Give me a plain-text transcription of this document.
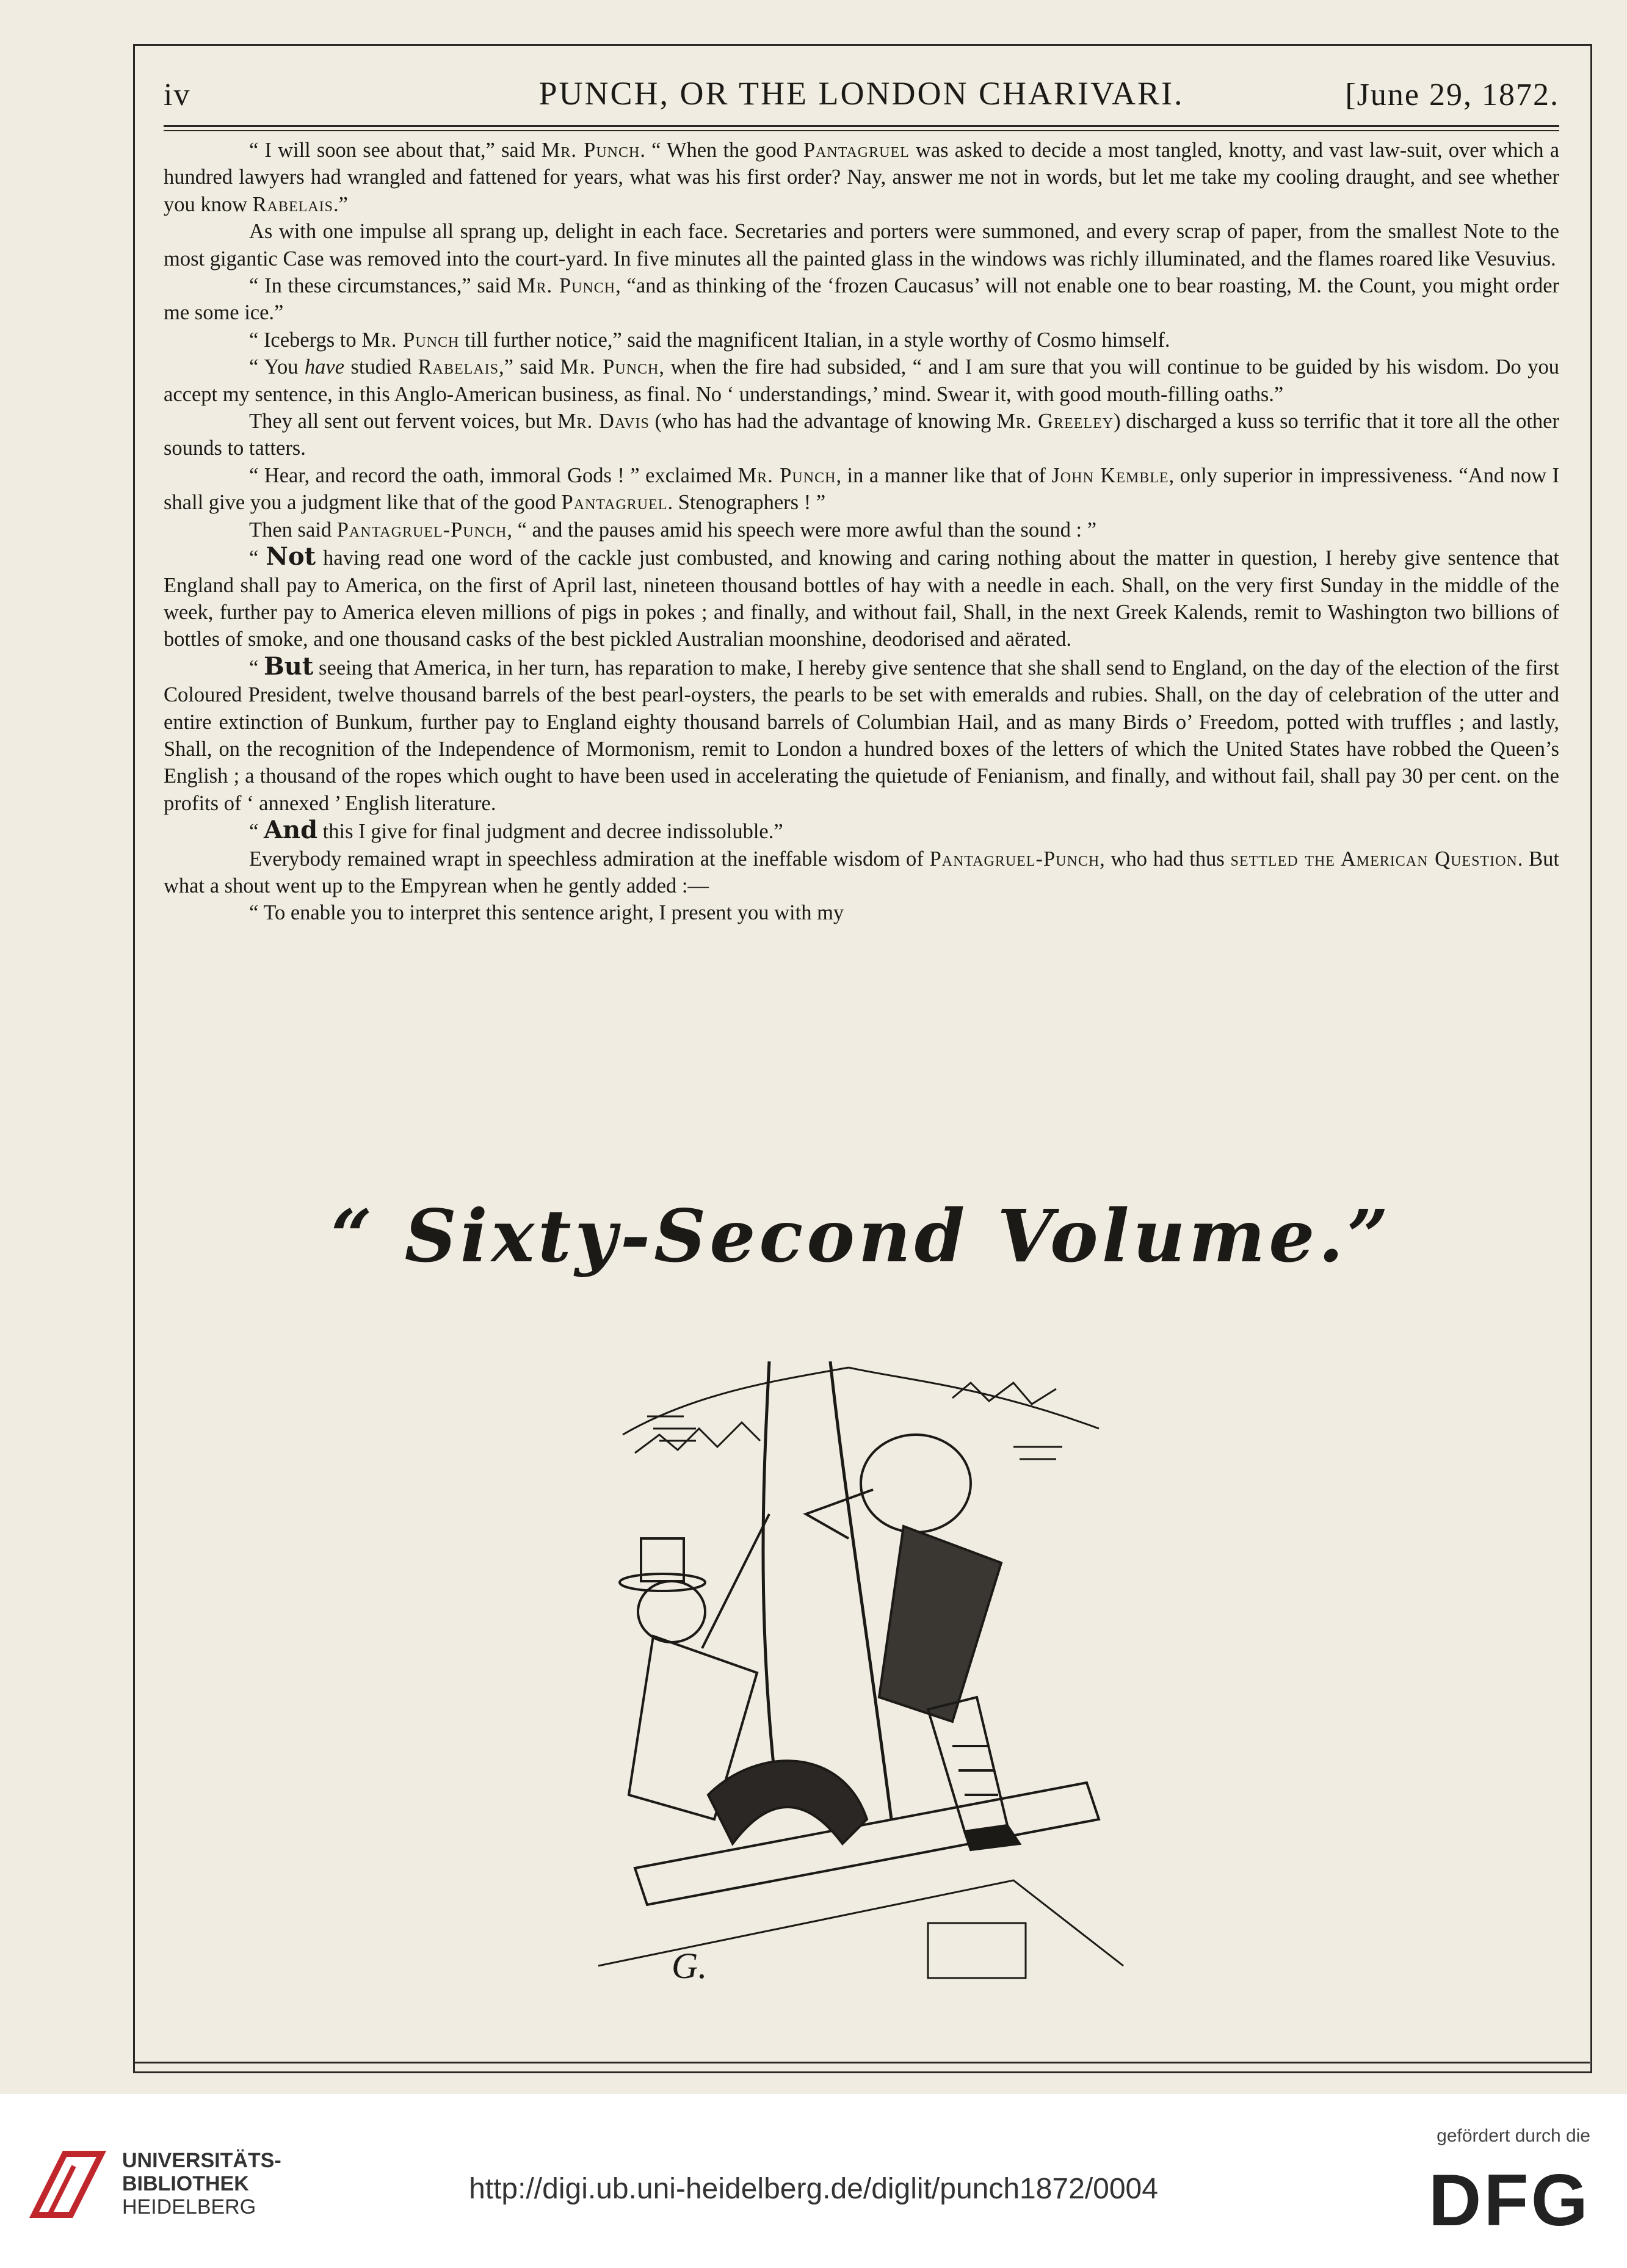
iv	PUNCH, OR THE LONDON CHARIVARI.	[June 29, 1872.

“ I will soon see about that,” said Mr. Punch. “ When the good Pantagruel was asked to decide a most tangled, knotty, and vast law-suit, over which a hundred lawyers had wrangled and fattened for years, what was his first order? Nay, answer me not in words, but let me take my cooling draught, and see whether you know Rabelais.”

As with one impulse all sprang up, delight in each face. Secretaries and porters were summoned, and every scrap of paper, from the smallest Note to the most gigantic Case was removed into the court-yard. In five minutes all the painted glass in the windows was richly illuminated, and the flames roared like Vesuvius.

“ In these circumstances,” said Mr. Punch, “and as thinking of the ‘frozen Caucasus’ will not enable one to bear roasting, M. the Count, you might order me some ice.”

“ Icebergs to Mr. Punch till further notice,” said the magnificent Italian, in a style worthy of Cosmo himself.

“ You have studied Rabelais,” said Mr. Punch, when the fire had subsided, “ and I am sure that you will continue to be guided by his wisdom. Do you accept my sentence, in this Anglo-American business, as final. No ‘ understandings,’ mind. Swear it, with good mouth-filling oaths.”

They all sent out fervent voices, but Mr. Davis (who has had the advantage of knowing Mr. Greeley) discharged a kuss so terrific that it tore all the other sounds to tatters.

“ Hear, and record the oath, immoral Gods ! ” exclaimed Mr. Punch, in a manner like that of John Kemble, only superior in impressiveness. “And now I shall give you a judgment like that of the good Pantagruel. Stenographers ! ”

Then said Pantagruel-Punch, “ and the pauses amid his speech were more awful than the sound : ”

“ Not having read one word of the cackle just combusted, and knowing and caring nothing about the matter in question, I hereby give sentence that England shall pay to America, on the first of April last, nineteen thousand bottles of hay with a needle in each. Shall, on the very first Sunday in the middle of the week, further pay to America eleven millions of pigs in pokes ; and finally, and without fail, Shall, in the next Greek Kalends, remit to Washington two billions of bottles of smoke, and one thousand casks of the best pickled Australian moonshine, deodorised and aërated.

“ But seeing that America, in her turn, has reparation to make, I hereby give sentence that she shall send to England, on the day of the election of the first Coloured President, twelve thousand barrels of the best pearl-oysters, the pearls to be set with emeralds and rubies. Shall, on the day of celebration of the utter and entire extinction of Bunkum, further pay to England eighty thousand barrels of Columbian Hail, and as many Birds o’ Freedom, potted with truffles ; and lastly, Shall, on the recognition of the Independence of Mormonism, remit to London a hundred boxes of the letters of which the United States have robbed the Queen’s English ; a thousand of the ropes which ought to have been used in accelerating the quietude of Fenianism, and finally, and without fail, shall pay 30 per cent. on the profits of ‘ annexed ’ English literature.

“ And this I give for final judgment and decree indissoluble.”

Everybody remained wrapt in speechless admiration at the ineffable wisdom of Pantagruel-Punch, who had thus settled the American Question. But what a shout went up to the Empyrean when he gently added :—

“ To enable you to interpret this sentence aright, I present you with my

“ Sixty-Second Volume.”
G.
UNIVERSITÄTS-
BIBLIOTHEK
HEIDELBERG
http://digi.ub.uni-heidelberg.de/diglit/punch1872/0004
gefördert durch die
DFG
